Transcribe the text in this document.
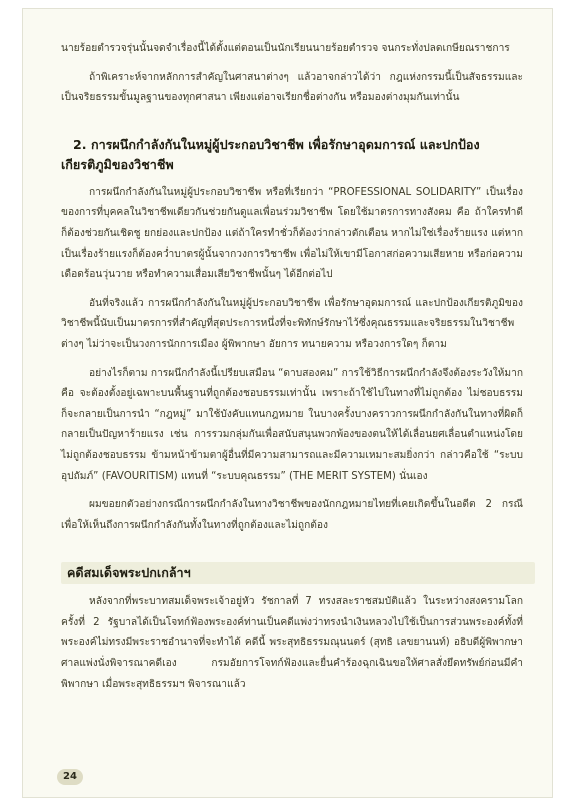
นายร้อยตำรวจรุ่นนั้นจดจำเรื่องนี้ได้ตั้งแต่ตอนเป็นนักเรียนนายร้อยตำรวจ จนกระทั่งปลดเกษียณราชการ

ถ้าพิเคราะห์จากหลักการสำคัญในศาสนาต่างๆ แล้วอาจกล่าวได้ว่า กฎแห่งกรรมนี้เป็นสัจธรรมและเป็นจริยธรรมขั้นมูลฐานของทุกศาสนา เพียงแต่อาจเรียกชื่อต่างกัน หรือมองต่างมุมกันเท่านั้น

2. การผนึกกำลังกันในหมู่ผู้ประกอบวิชาชีพ เพื่อรักษาอุดมการณ์ และปกป้องเกียรติภูมิของวิชาชีพ

การผนึกกำลังกันในหมู่ผู้ประกอบวิชาชีพ หรือที่เรียกว่า “PROFESSIONAL SOLIDARITY” เป็นเรื่องของการที่บุคคลในวิชาชีพเดียวกันช่วยกันดูแลเพื่อนร่วมวิชาชีพ โดยใช้มาตรการทางสังคม คือ ถ้าใครทำดีก็ต้องช่วยกันเชิดชู ยกย่องและปกป้อง แต่ถ้าใครทำชั่วก็ต้องว่ากล่าวตักเตือน หากไม่ใช่เรื่องร้ายแรง แต่หากเป็นเรื่องร้ายแรงก็ต้องคว่ำบาตรผู้นั้นจากวงการวิชาชีพ เพื่อไม่ให้เขามีโอกาสก่อความเสียหาย หรือก่อความเดือดร้อนวุ่นวาย หรือทำความเสื่อมเสียวิชาชีพนั้นๆ ได้อีกต่อไป

อันที่จริงแล้ว การผนึกกำลังกันในหมู่ผู้ประกอบวิชาชีพ เพื่อรักษาอุดมการณ์ และปกป้องเกียรติภูมิของวิชาชีพนี้นับเป็นมาตรการที่สำคัญที่สุดประการหนึ่งที่จะพิทักษ์รักษาไว้ซึ่งคุณธรรมและจริยธรรมในวิชาชีพต่างๆ ไม่ว่าจะเป็นวงการนักการเมือง ผู้พิพากษา อัยการ ทนายความ หรือวงการใดๆ ก็ตาม

อย่างไรก็ตาม การผนึกกำลังนี้เปรียบเสมือน “ดาบสองคม” การใช้วิธีการผนึกกำลังจึงต้องระวังให้มาก คือ จะต้องตั้งอยู่เฉพาะบนพื้นฐานที่ถูกต้องชอบธรรมเท่านั้น เพราะถ้าใช้ไปในทางที่ไม่ถูกต้อง ไม่ชอบธรรม ก็จะกลายเป็นการนำ “กฎหมู่” มาใช้บังคับแทนกฎหมาย ในบางครั้งบางคราวการผนึกกำลังกันในทางที่ผิดก็กลายเป็นปัญหาร้ายแรง เช่น การรวมกลุ่มกันเพื่อสนับสนุนพวกพ้องของตนให้ได้เลื่อนยศเลื่อนตำแหน่งโดยไม่ถูกต้องชอบธรรม ข้ามหน้าข้ามตาผู้อื่นที่มีความสามารถและมีความเหมาะสมยิ่งกว่า กล่าวคือใช้ “ระบบอุปถัมภ์” (FAVOURITISM) แทนที่ “ระบบคุณธรรม” (THE MERIT SYSTEM) นั่นเอง

ผมขอยกตัวอย่างกรณีการผนึกกำลังในทางวิชาชีพของนักกฎหมายไทยที่เคยเกิดขึ้นในอดีต 2 กรณี เพื่อให้เห็นถึงการผนึกกำลังกันทั้งในทางที่ถูกต้องและไม่ถูกต้อง

คดีสมเด็จพระปกเกล้าฯ

หลังจากที่พระบาทสมเด็จพระเจ้าอยู่หัว รัชกาลที่ 7 ทรงสละราชสมบัติแล้ว ในระหว่างสงครามโลกครั้งที่ 2 รัฐบาลได้เป็นโจทก์ฟ้องพระองค์ท่านเป็นคดีแพ่งว่าทรงนำเงินหลวงไปใช้เป็นการส่วนพระองค์ทั้งที่พระองค์ไม่ทรงมีพระราชอำนาจที่จะทำได้ คดีนี้ พระสุทธิธรรมณุนนตร์ (สุทธิ เลขยานนท์) อธิบดีผู้พิพากษาศาลแพ่งนั่งพิจารณาคดีเอง กรมอัยการโจทก์ฟ้องและยื่นคำร้องฉุกเฉินขอให้ศาลสั่งยึดทรัพย์ก่อนมีคำพิพากษา เมื่อพระสุทธิธรรมฯ พิจารณาแล้ว

24
